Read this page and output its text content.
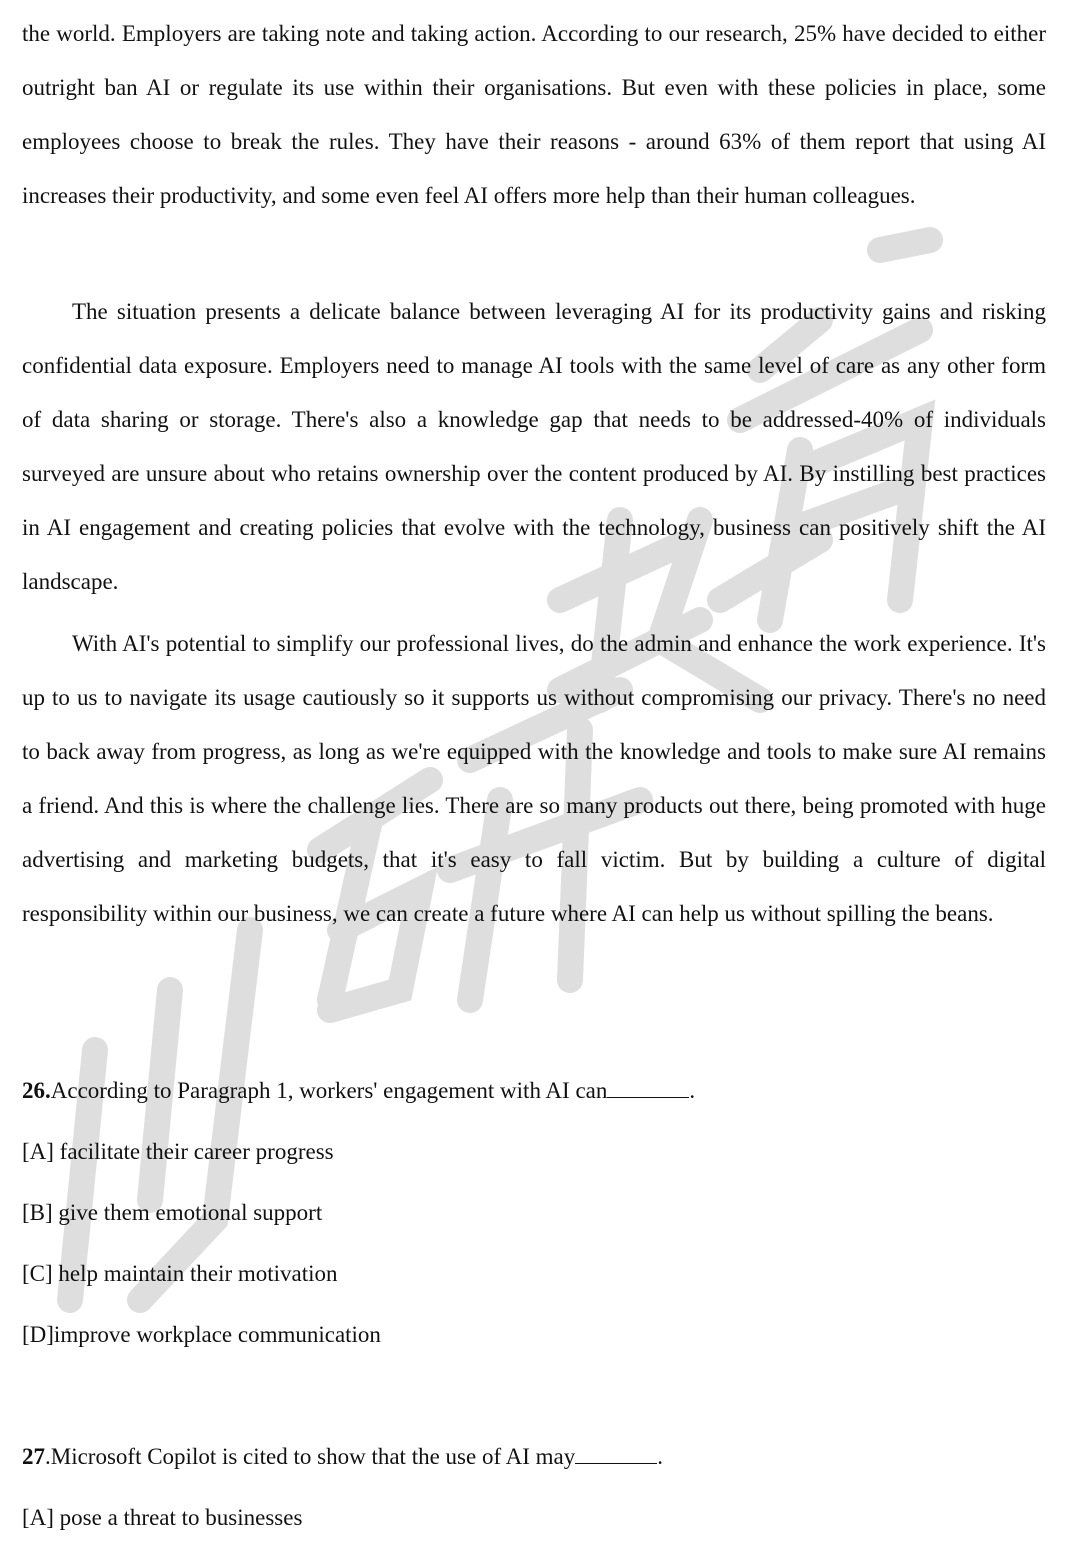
the world. Employers are taking note and taking action. According to our research, 25% have decided to either outright ban AI or regulate its use within their organisations. But even with these policies in place, some employees choose to break the rules. They have their reasons - around 63% of them report that using AI increases their productivity, and some even feel AI offers more help than their human colleagues.

The situation presents a delicate balance between leveraging AI for its productivity gains and risking confidential data exposure. Employers need to manage AI tools with the same level of care as any other form of data sharing or storage. There's also a knowledge gap that needs to be addressed-40% of individuals surveyed are unsure about who retains ownership over the content produced by AI. By instilling best practices in AI engagement and creating policies that evolve with the technology, business can positively shift the AI landscape.

With AI's potential to simplify our professional lives, do the admin and enhance the work experience. It's up to us to navigate its usage cautiously so it supports us without compromising our privacy. There's no need to back away from progress, as long as we're equipped with the knowledge and tools to make sure AI remains a friend. And this is where the challenge lies. There are so many products out there, being promoted with huge advertising and marketing budgets, that it's easy to fall victim. But by building a culture of digital responsibility within our business, we can create a future where AI can help us without spilling the beans.

26.According to Paragraph 1, workers' engagement with AI can	.
[A] facilitate their career progress
[B] give them emotional support
[C] help maintain their motivation
[D]improve workplace communication
27.Microsoft Copilot is cited to show that the use of AI may	.
[A] pose a threat to businesses
